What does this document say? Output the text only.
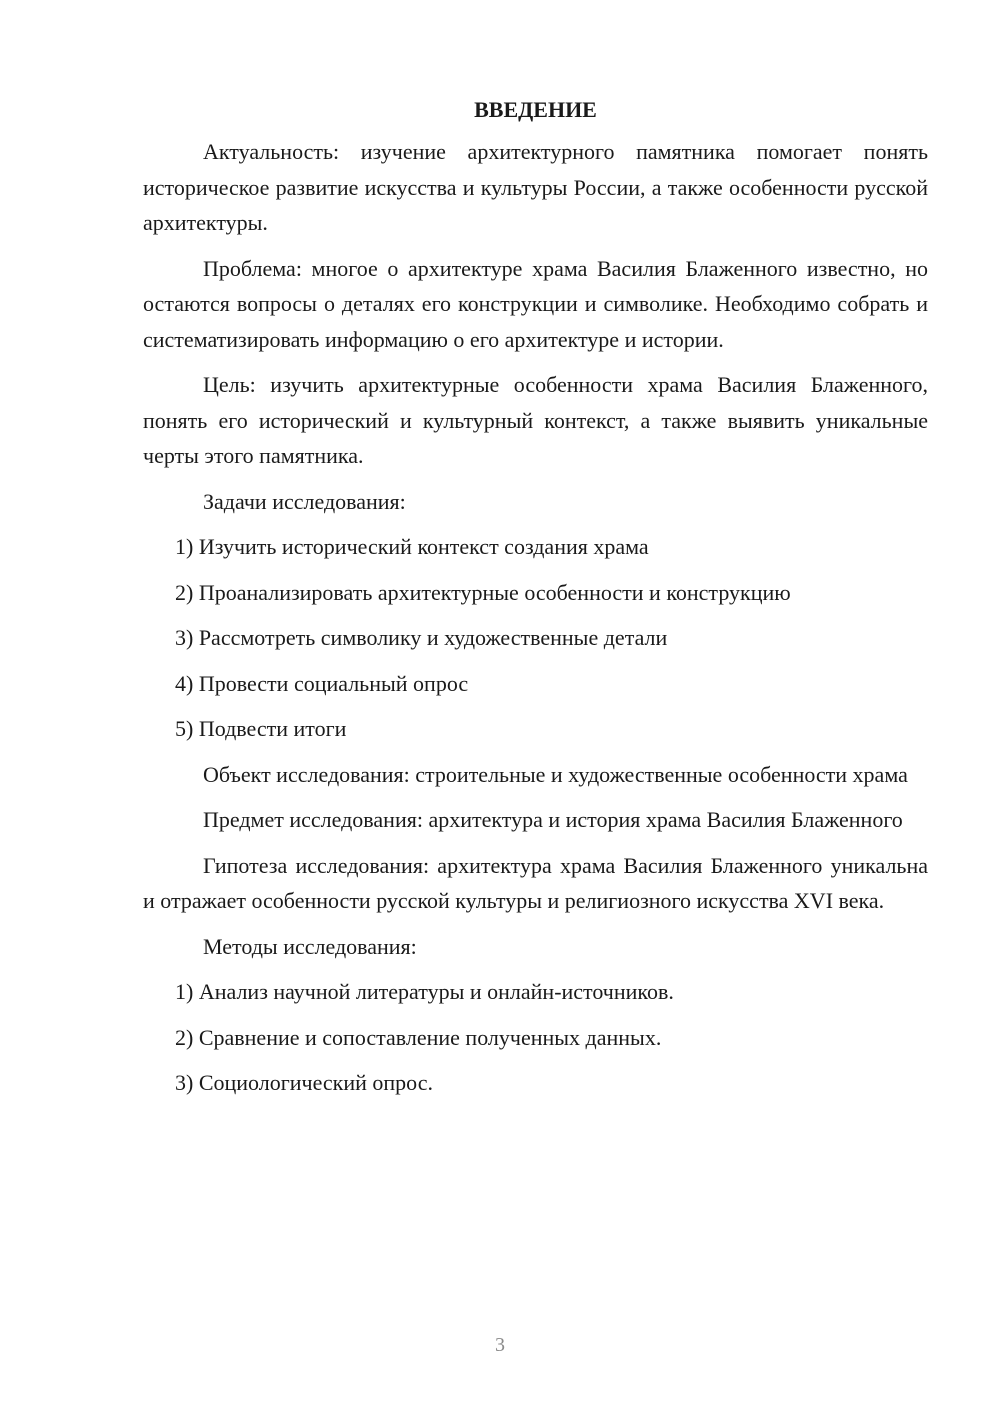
ВВЕДЕНИЕ

Актуальность: изучение архитектурного памятника помогает понять историческое развитие искусства и культуры России, а также особенности русской архитектуры.

Проблема: многое о архитектуре храма Василия Блаженного известно, но остаются вопросы о деталях его конструкции и символике. Необходимо собрать и систематизировать информацию о его архитектуре и истории.

Цель: изучить архитектурные особенности храма Василия Блаженного, понять его исторический и культурный контекст, а также выявить уникальные черты этого памятника.

Задачи исследования:

1) Изучить исторический контекст создания храма
2) Проанализировать архитектурные особенности и конструкцию
3) Рассмотреть символику и художественные детали
4) Провести социальный опрос
5) Подвести итоги

Объект исследования: строительные и художественные особенности храма

Предмет исследования: архитектура и история храма Василия Блаженного

Гипотеза исследования: архитектура храма Василия Блаженного уникальна и отражает особенности русской культуры и религиозного искусства XVI века.

Методы исследования:

1) Анализ научной литературы и онлайн-источников.
2) Сравнение и сопоставление полученных данных.
3) Социологический опрос.
3
